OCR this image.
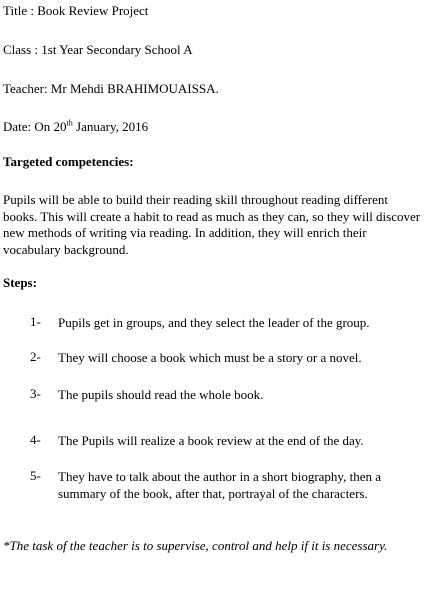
Title : Book Review Project
Class : 1st Year Secondary School A
Teacher: Mr Mehdi BRAHIMOUAISSA.
Date: On 20th January, 2016
Targeted competencies:

Pupils will be able to build their reading skill throughout reading different books. This will create a habit to read as much as they can, so they will discover new methods of writing via reading. In addition, they will enrich their vocabulary background.

Steps:
1-	Pupils get in groups, and they select the leader of the group.
2-	They will choose a book which must be a story or a novel.
3-	The pupils should read the whole book.
4-	The Pupils will realize a book review at the end of the day.
5-	They have to talk about the author in a short biography, then a summary of the book, after that, portrayal of the characters.
*The task of the teacher is to supervise, control and help if it is necessary.
